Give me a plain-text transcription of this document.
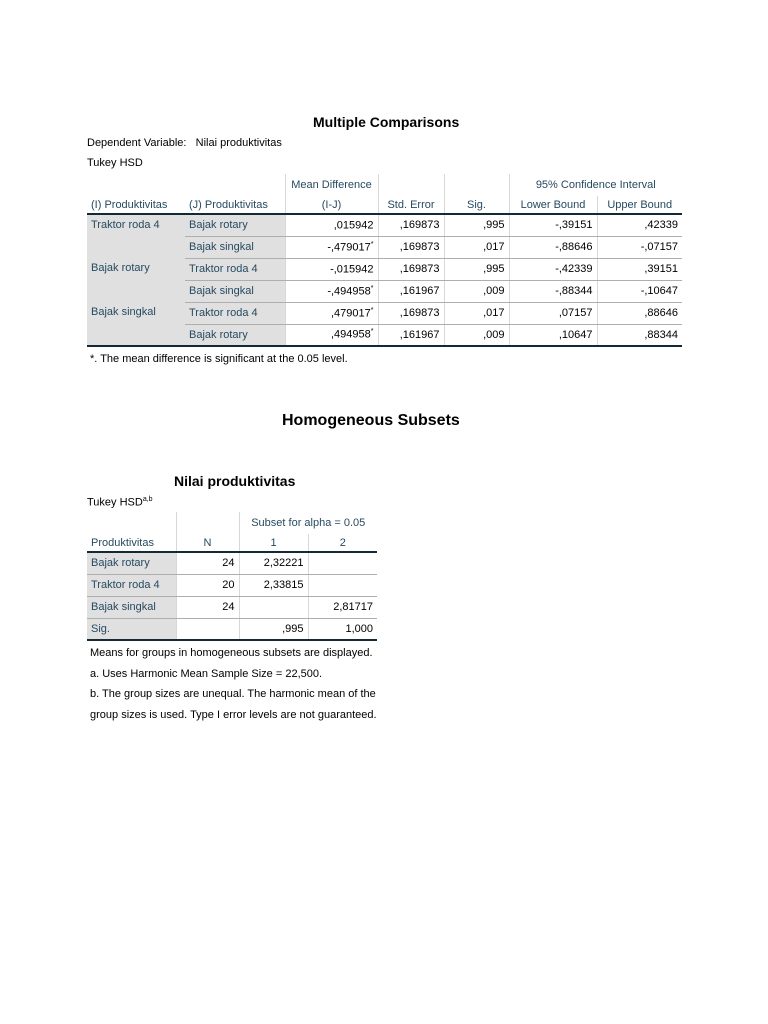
Multiple Comparisons
Dependent Variable: Nilai produktivitas
Tukey HSD
		Mean Difference			95% Confidence Interval	
(I) Produktivitas	(J) Produktivitas	(I-J)	Std. Error	Sig.	Lower Bound	Upper Bound
Traktor roda 4	Bajak rotary	,015942	,169873	,995	-,39151	,42339
	Bajak singkal	-,479017*	,169873	,017	-,88646	-,07157
Bajak rotary	Traktor roda 4	-,015942	,169873	,995	-,42339	,39151
	Bajak singkal	-,494958*	,161967	,009	-,88344	-,10647
Bajak singkal	Traktor roda 4	,479017*	,169873	,017	,07157	,88646
	Bajak rotary	,494958*	,161967	,009	,10647	,88344
*. The mean difference is significant at the 0.05 level.
Homogeneous Subsets
Nilai produktivitas
Tukey HSD$^{a,b}$
		Subset for alpha = 0.05	
Produktivitas	N	1	2
Bajak rotary	24	2,32221	
Traktor roda 4	20	2,33815	
Bajak singkal	24		2,81717
Sig.		,995	1,000
Means for groups in homogeneous subsets are displayed.
a. Uses Harmonic Mean Sample Size = 22,500.
b. The group sizes are unequal. The harmonic mean of the group sizes is used. Type I error levels are not guaranteed.
